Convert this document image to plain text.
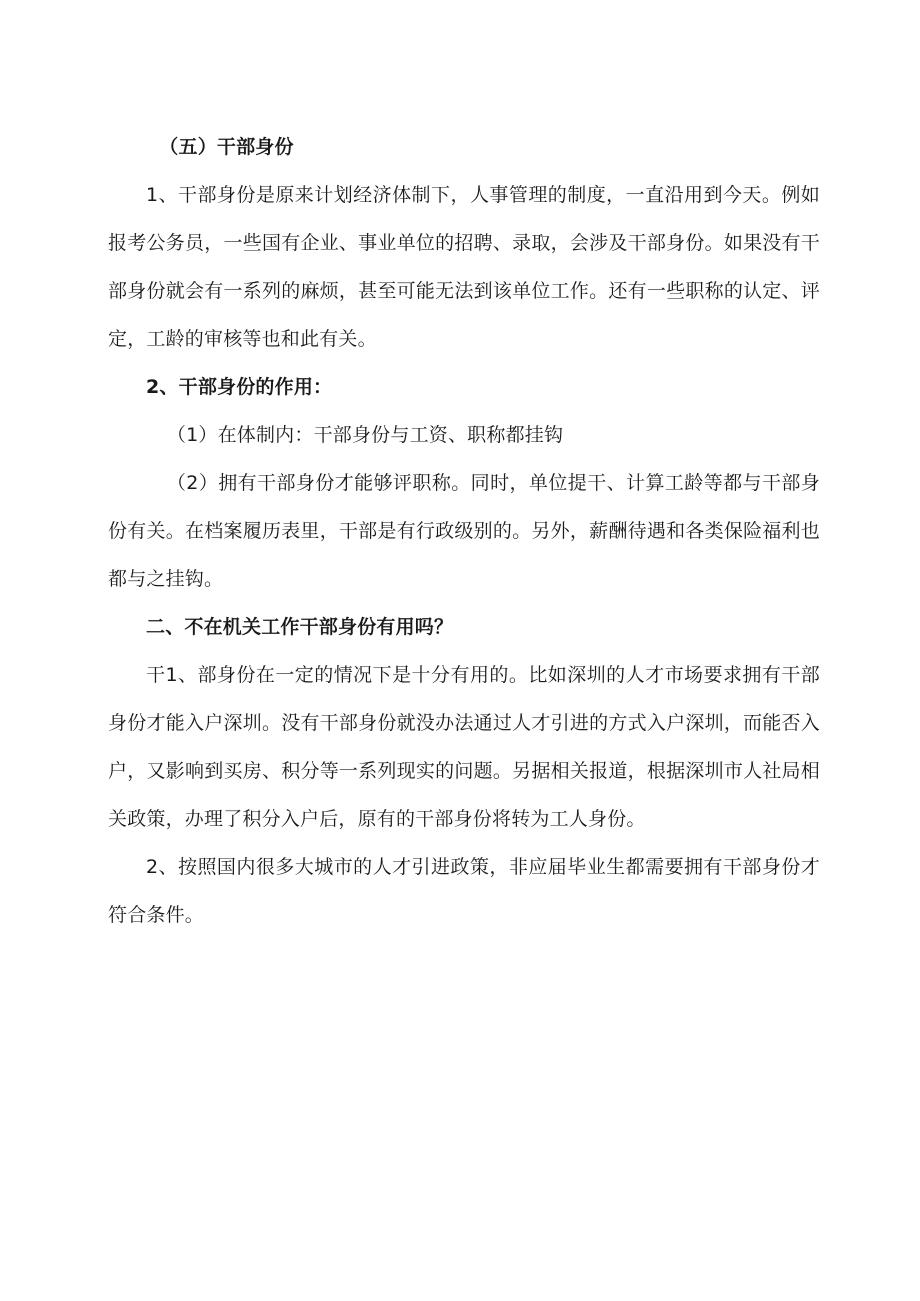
（五）干部身份

1、干部身份是原来计划经济体制下，人事管理的制度，一直沿用到今天。例如报考公务员，一些国有企业、事业单位的招聘、录取，会涉及干部身份。如果没有干部身份就会有一系列的麻烦，甚至可能无法到该单位工作。还有一些职称的认定、评定，工龄的审核等也和此有关。

2、干部身份的作用：

（1）在体制内：干部身份与工资、职称都挂钩

（2）拥有干部身份才能够评职称。同时，单位提干、计算工龄等都与干部身份有关。在档案履历表里，干部是有行政级别的。另外，薪酬待遇和各类保险福利也都与之挂钩。

二、不在机关工作干部身份有用吗？

干1、部身份在一定的情况下是十分有用的。比如深圳的人才市场要求拥有干部身份才能入户深圳。没有干部身份就没办法通过人才引进的方式入户深圳，而能否入户，又影响到买房、积分等一系列现实的问题。另据相关报道，根据深圳市人社局相关政策，办理了积分入户后，原有的干部身份将转为工人身份。

2、按照国内很多大城市的人才引进政策，非应届毕业生都需要拥有干部身份才符合条件。
